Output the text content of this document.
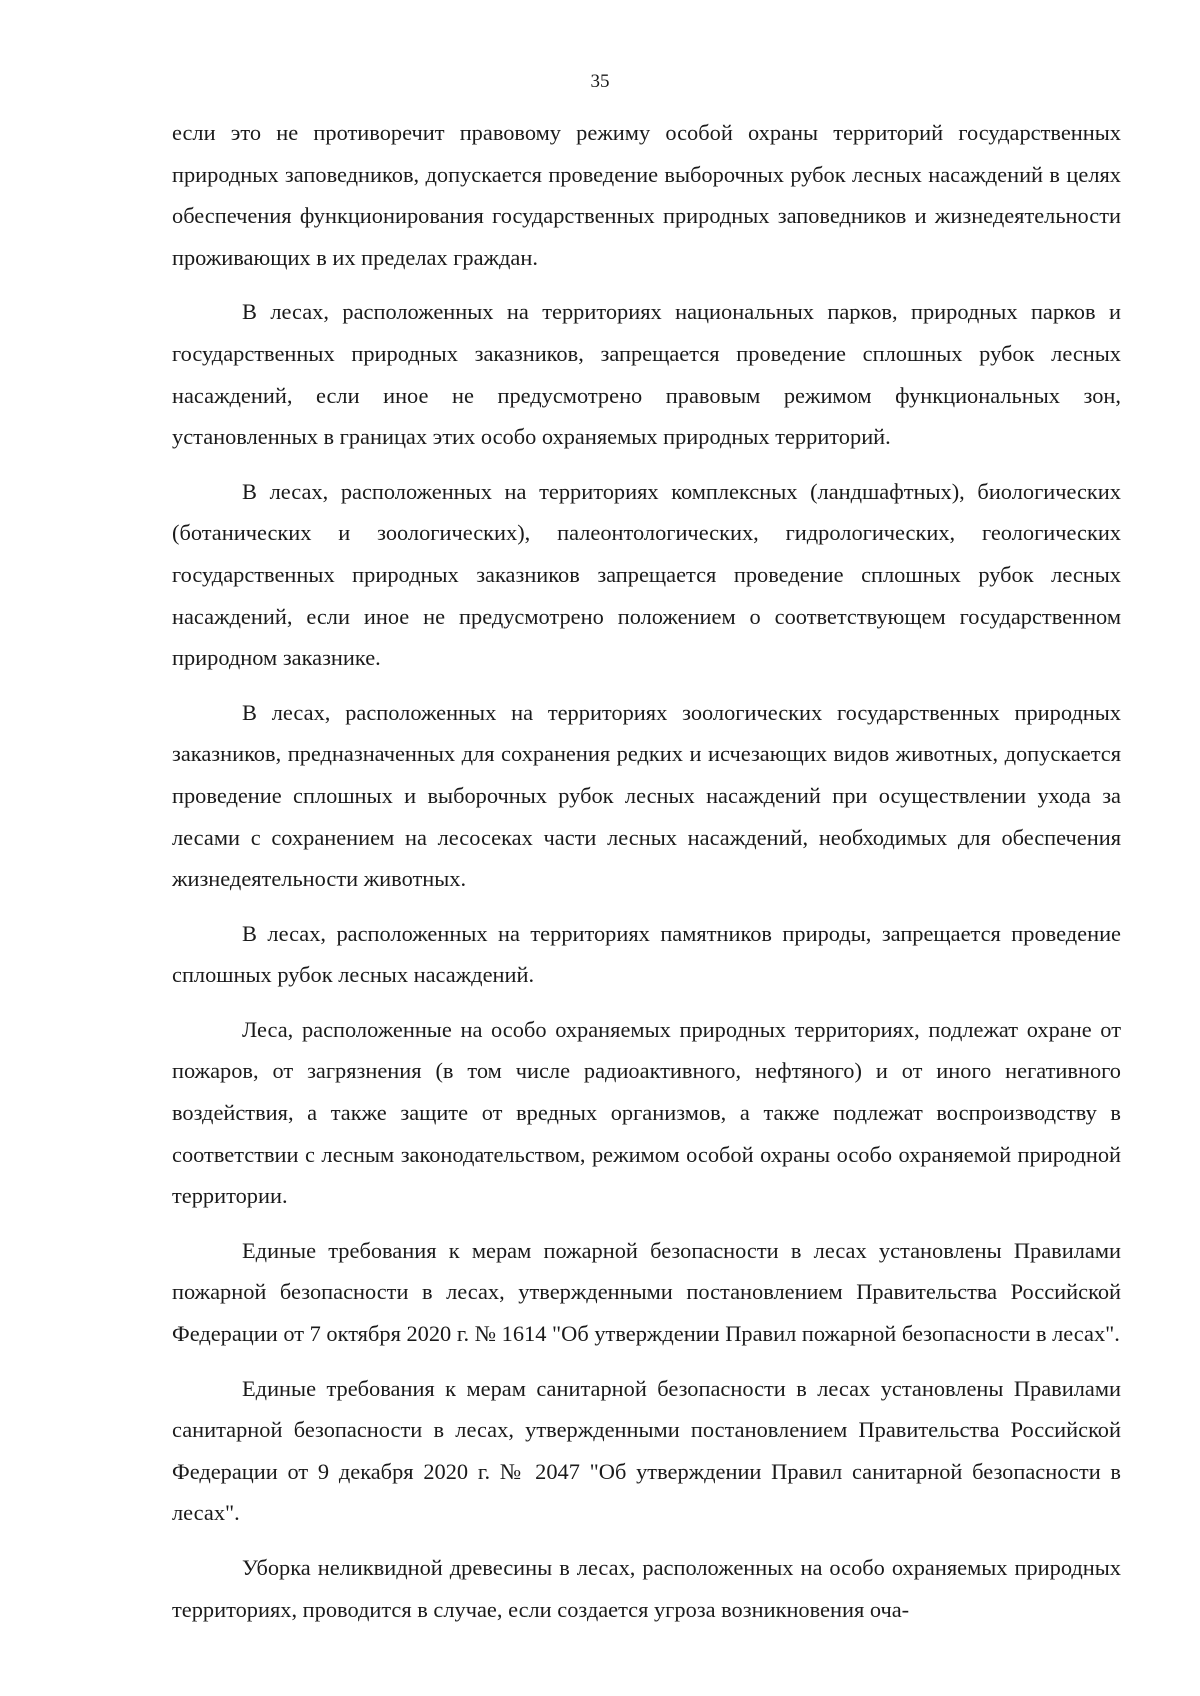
35

если это не противоречит правовому режиму особой охраны территорий государственных природных заповедников, допускается проведение выборочных рубок лесных насаждений в целях обеспечения функционирования государственных природных заповедников и жизнедеятельности проживающих в их пределах граждан.

В лесах, расположенных на территориях национальных парков, природных парков и государственных природных заказников, запрещается проведение сплошных рубок лесных насаждений, если иное не предусмотрено правовым режимом функциональных зон, установленных в границах этих особо охраняемых природных территорий.

В лесах, расположенных на территориях комплексных (ландшафтных), биологических (ботанических и зоологических), палеонтологических, гидрологических, геологических государственных природных заказников запрещается проведение сплошных рубок лесных насаждений, если иное не предусмотрено положением о соответствующем государственном природном заказнике.

В лесах, расположенных на территориях зоологических государственных природных заказников, предназначенных для сохранения редких и исчезающих видов животных, допускается проведение сплошных и выборочных рубок лесных насаждений при осуществлении ухода за лесами с сохранением на лесосеках части лесных насаждений, необходимых для обеспечения жизнедеятельности животных.

В лесах, расположенных на территориях памятников природы, запрещается проведение сплошных рубок лесных насаждений.

Леса, расположенные на особо охраняемых природных территориях, подлежат охране от пожаров, от загрязнения (в том числе радиоактивного, нефтяного) и от иного негативного воздействия, а также защите от вредных организмов, а также подлежат воспроизводству в соответствии с лесным законодательством, режимом особой охраны особо охраняемой природной территории.

Единые требования к мерам пожарной безопасности в лесах установлены Правилами пожарной безопасности в лесах, утвержденными постановлением Правительства Российской Федерации от 7 октября 2020 г. № 1614 "Об утверждении Правил пожарной безопасности в лесах".

Единые требования к мерам санитарной безопасности в лесах установлены Правилами санитарной безопасности в лесах, утвержденными постановлением Правительства Российской Федерации от 9 декабря 2020 г. № 2047 "Об утверждении Правил санитарной безопасности в лесах".

Уборка неликвидной древесины в лесах, расположенных на особо охраняемых природных территориях, проводится в случае, если создается угроза возникновения оча-
